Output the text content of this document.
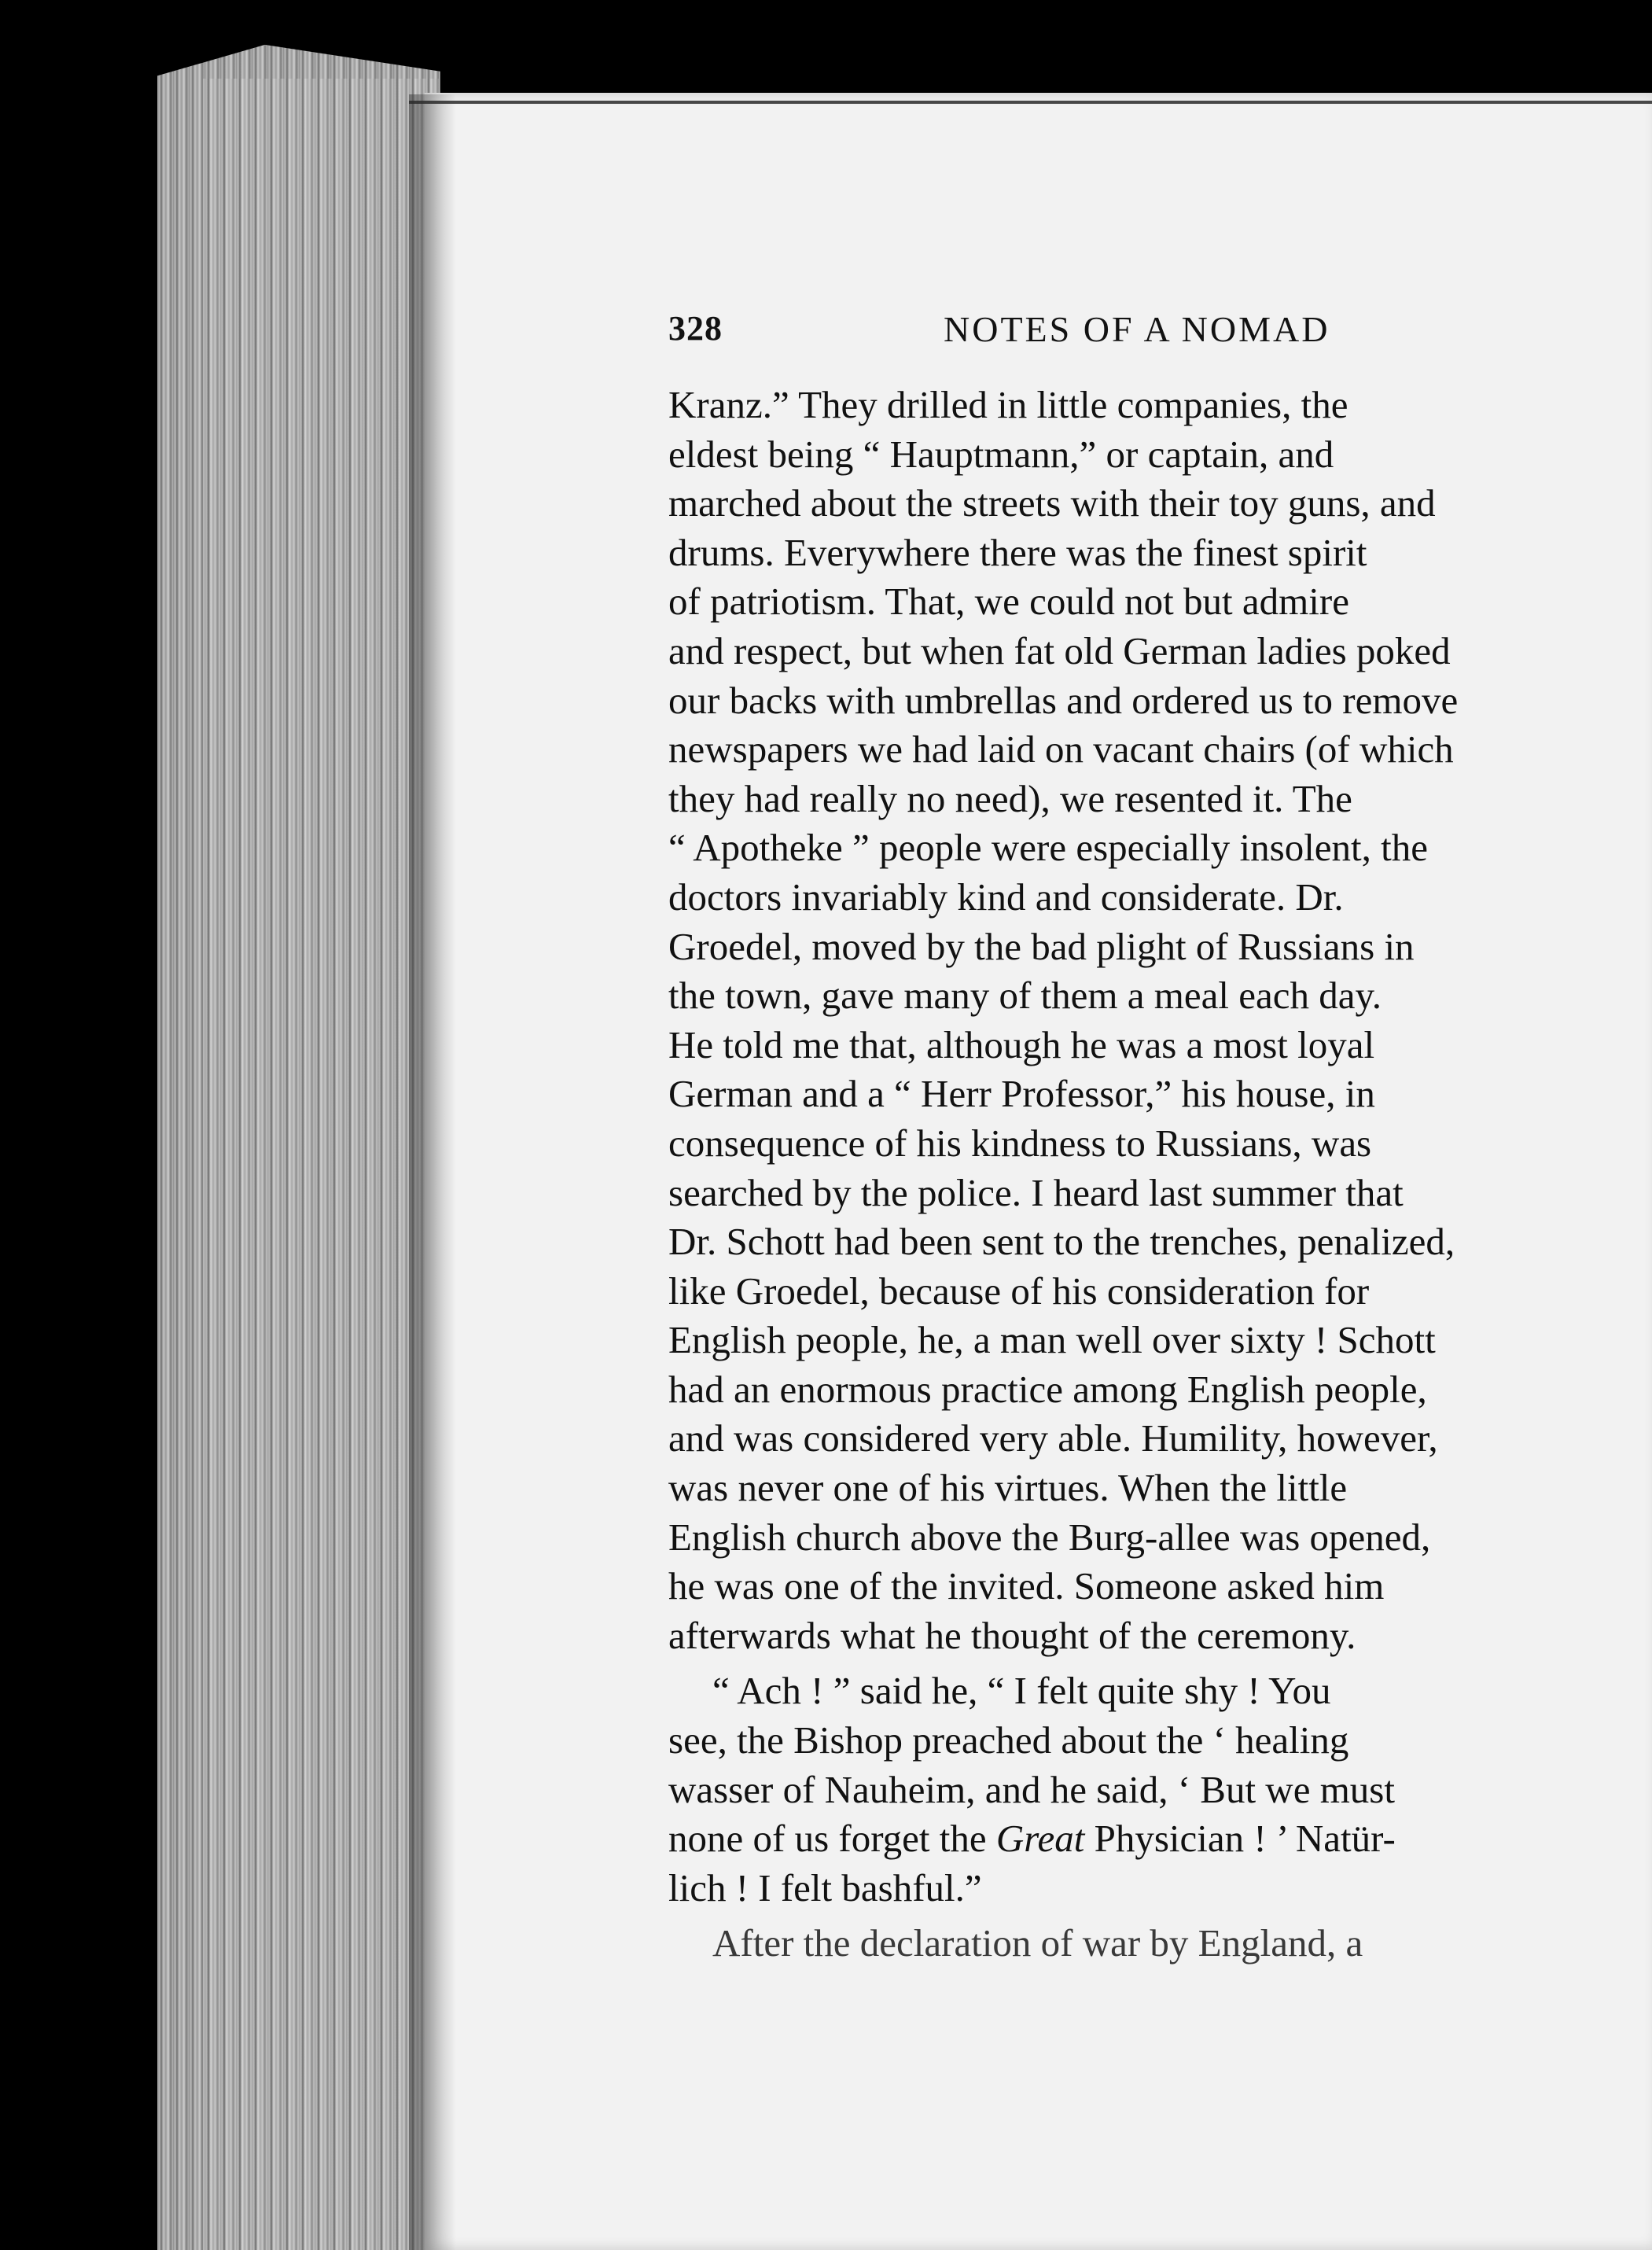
328	NOTES OF A NOMAD
Kranz.” They drilled in little companies, the
eldest being “ Hauptmann,” or captain, and
marched about the streets with their toy guns, and
drums. Everywhere there was the finest spirit
of patriotism. That, we could not but admire
and respect, but when fat old German ladies poked
our backs with umbrellas and ordered us to remove
newspapers we had laid on vacant chairs (of which
they had really no need), we resented it. The
“ Apotheke ” people were especially insolent, the
doctors invariably kind and considerate. Dr.
Groedel, moved by the bad plight of Russians in
the town, gave many of them a meal each day.
He told me that, although he was a most loyal
German and a “ Herr Professor,” his house, in
consequence of his kindness to Russians, was
searched by the police. I heard last summer that
Dr. Schott had been sent to the trenches, penalized,
like Groedel, because of his consideration for
English people, he, a man well over sixty ! Schott
had an enormous practice among English people,
and was considered very able. Humility, however,
was never one of his virtues. When the little
English church above the Burg-allee was opened,
he was one of the invited. Someone asked him
afterwards what he thought of the ceremony.
“ Ach ! ” said he, “ I felt quite shy ! You
see, the Bishop preached about the ‘ healing
wasser of Nauheim, and he said, ‘ But we must
none of us forget the Great Physician ! ’ Natür-
lich ! I felt bashful.”
After the declaration of war by England, a
